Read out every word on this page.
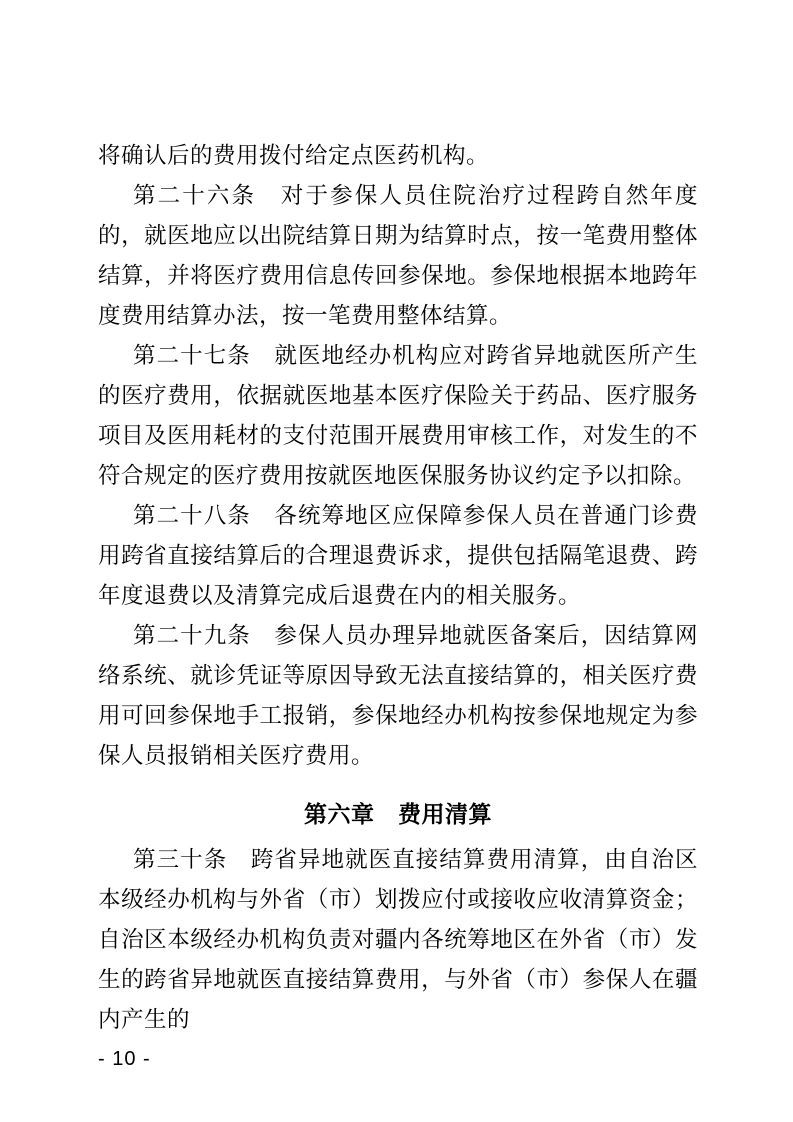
将确认后的费用拨付给定点医药机构。

第二十六条　对于参保人员住院治疗过程跨自然年度的，就医地应以出院结算日期为结算时点，按一笔费用整体结算，并将医疗费用信息传回参保地。参保地根据本地跨年度费用结算办法，按一笔费用整体结算。

第二十七条　就医地经办机构应对跨省异地就医所产生的医疗费用，依据就医地基本医疗保险关于药品、医疗服务项目及医用耗材的支付范围开展费用审核工作，对发生的不符合规定的医疗费用按就医地医保服务协议约定予以扣除。

第二十八条　各统筹地区应保障参保人员在普通门诊费用跨省直接结算后的合理退费诉求，提供包括隔笔退费、跨年度退费以及清算完成后退费在内的相关服务。

第二十九条　参保人员办理异地就医备案后，因结算网络系统、就诊凭证等原因导致无法直接结算的，相关医疗费用可回参保地手工报销，参保地经办机构按参保地规定为参保人员报销相关医疗费用。

第六章　费用清算

第三十条　跨省异地就医直接结算费用清算，由自治区本级经办机构与外省（市）划拨应付或接收应收清算资金；自治区本级经办机构负责对疆内各统筹地区在外省（市）发生的跨省异地就医直接结算费用，与外省（市）参保人在疆内产生的

- 10 -
